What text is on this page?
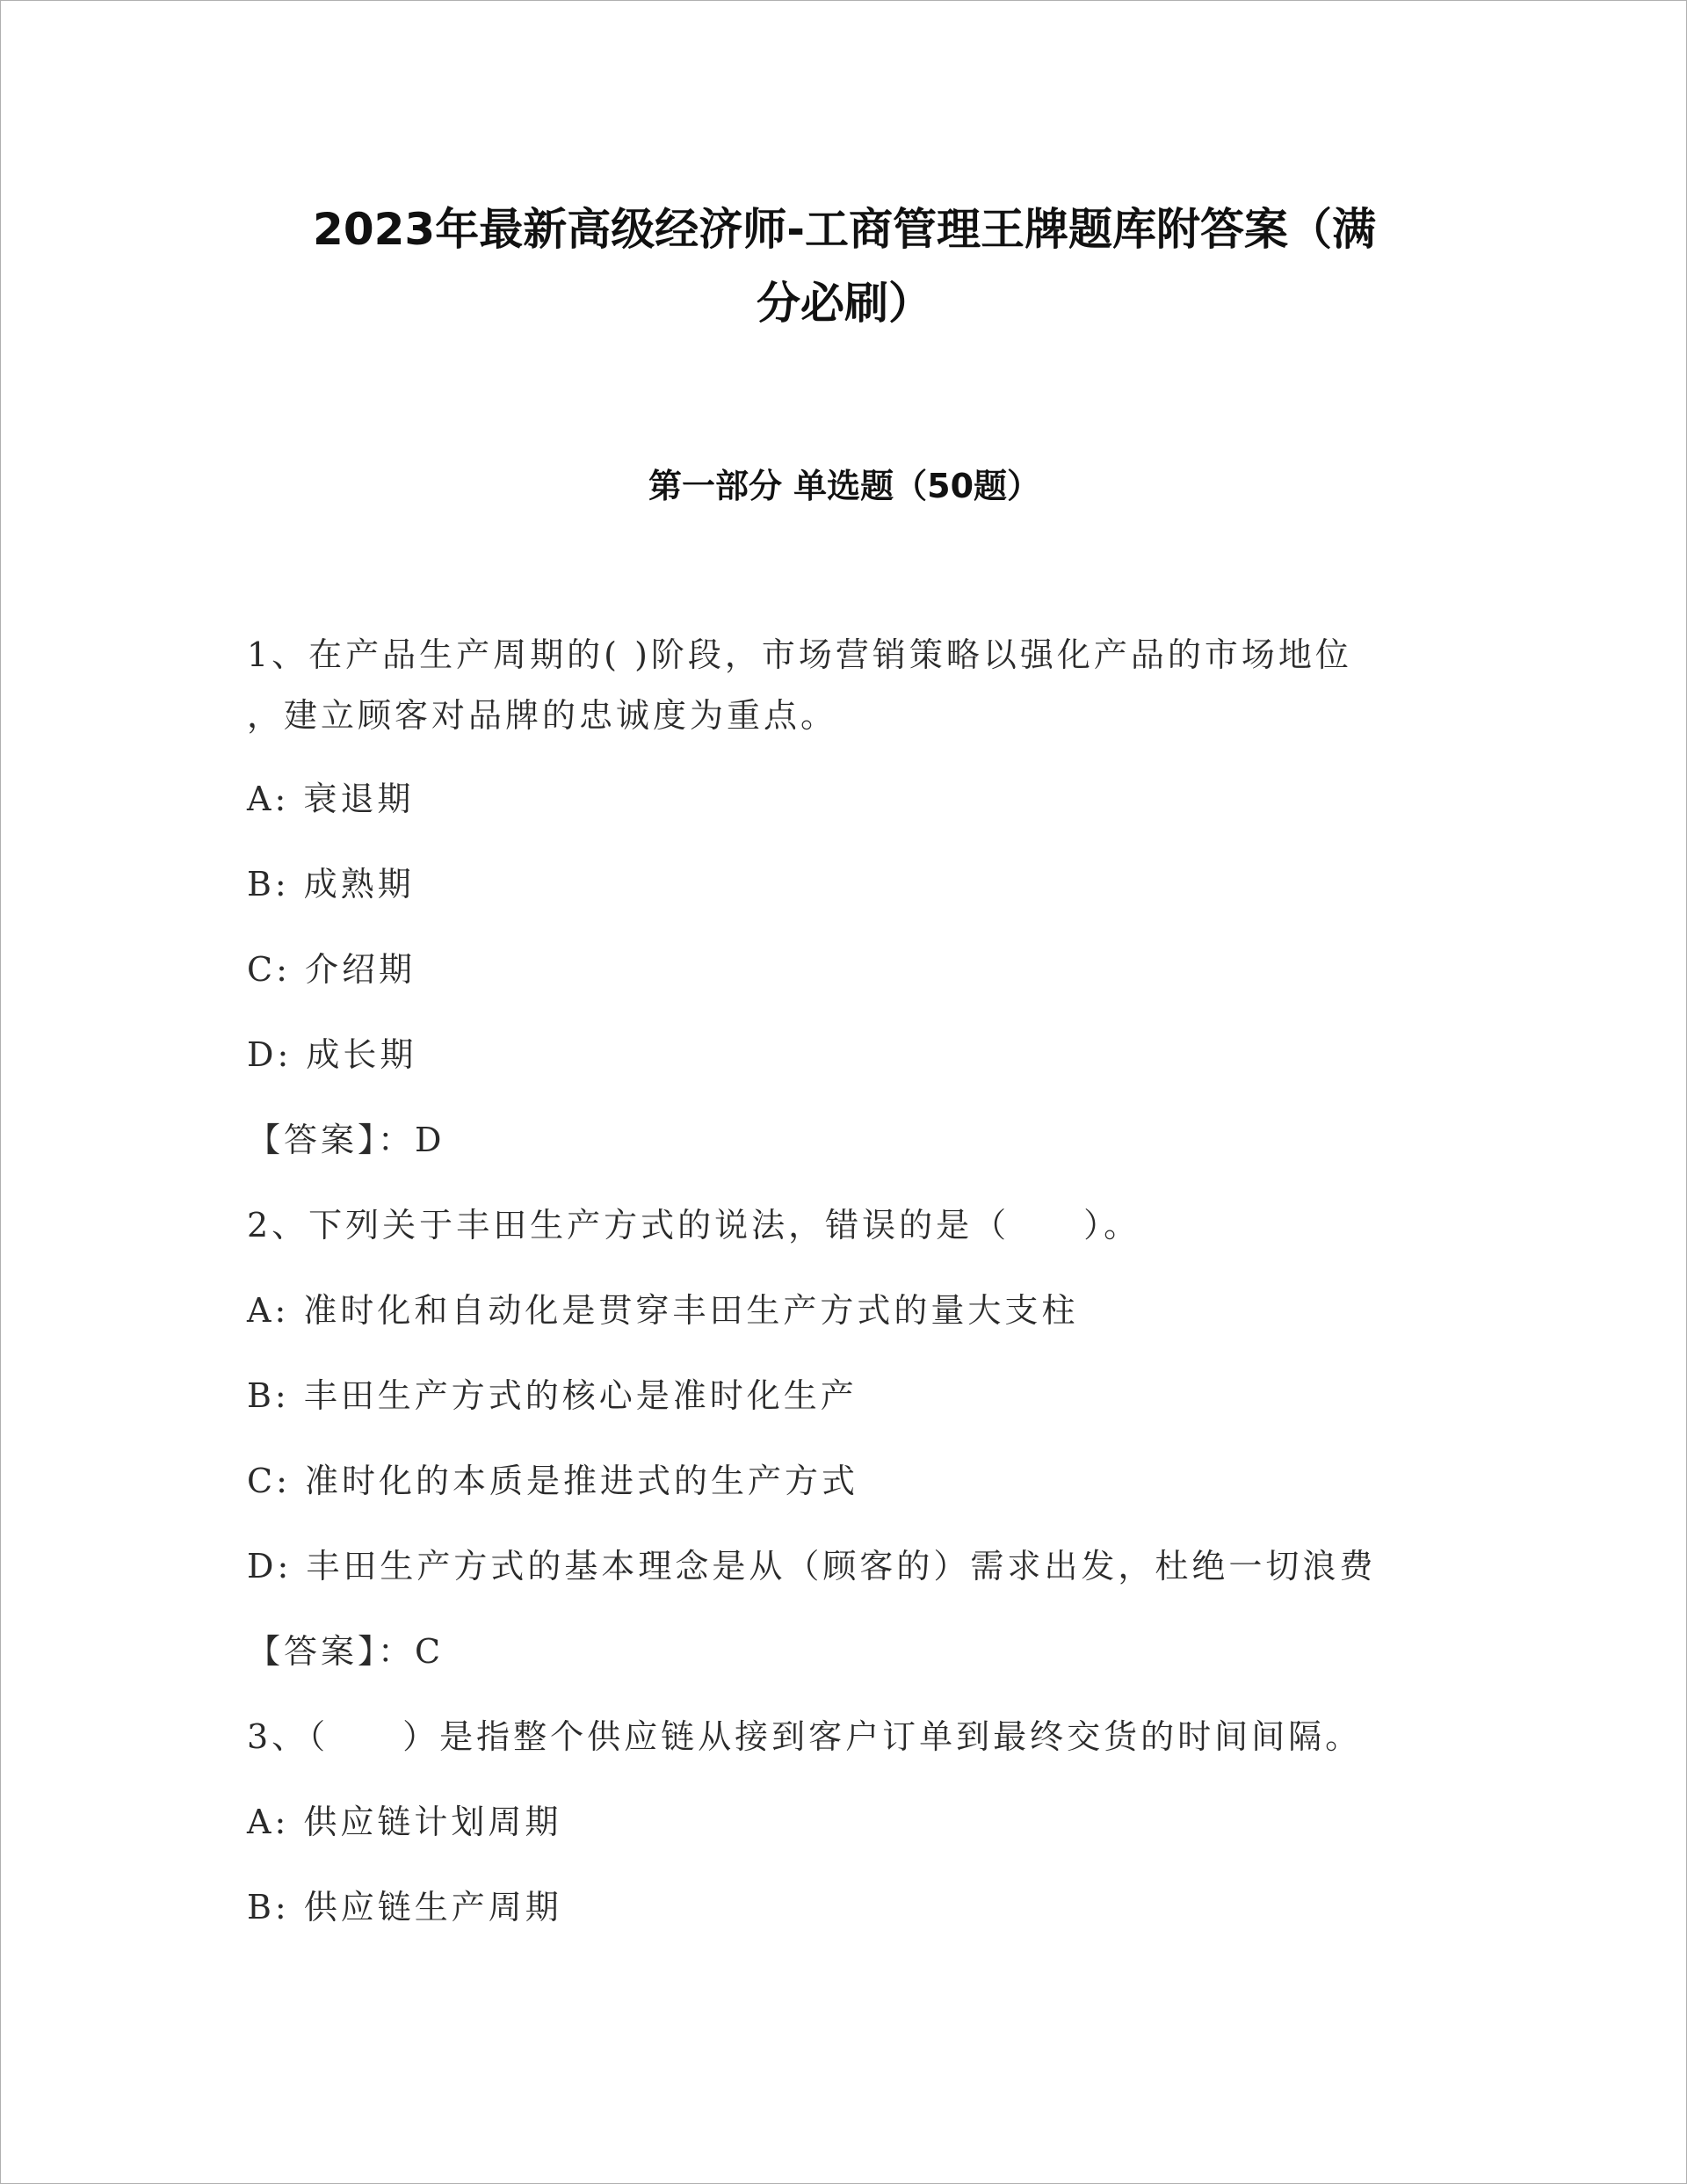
2023年最新高级经济师-工商管理王牌题库附答案（满
分必刷）
第一部分 单选题（50题）
1、在产品生产周期的( )阶段，市场营销策略以强化产品的市场地位
，建立顾客对品牌的忠诚度为重点。
A: 衰退期
B: 成熟期
C: 介绍期
D: 成长期
【答案】：D
2、下列关于丰田生产方式的说法，错误的是（　　）。
A: 准时化和自动化是贯穿丰田生产方式的量大支柱
B: 丰田生产方式的核心是准时化生产
C: 准时化的本质是推进式的生产方式
D: 丰田生产方式的基本理念是从（顾客的）需求出发，杜绝一切浪费
【答案】：C
3、（　　）是指整个供应链从接到客户订单到最终交货的时间间隔。
A: 供应链计划周期
B: 供应链生产周期
